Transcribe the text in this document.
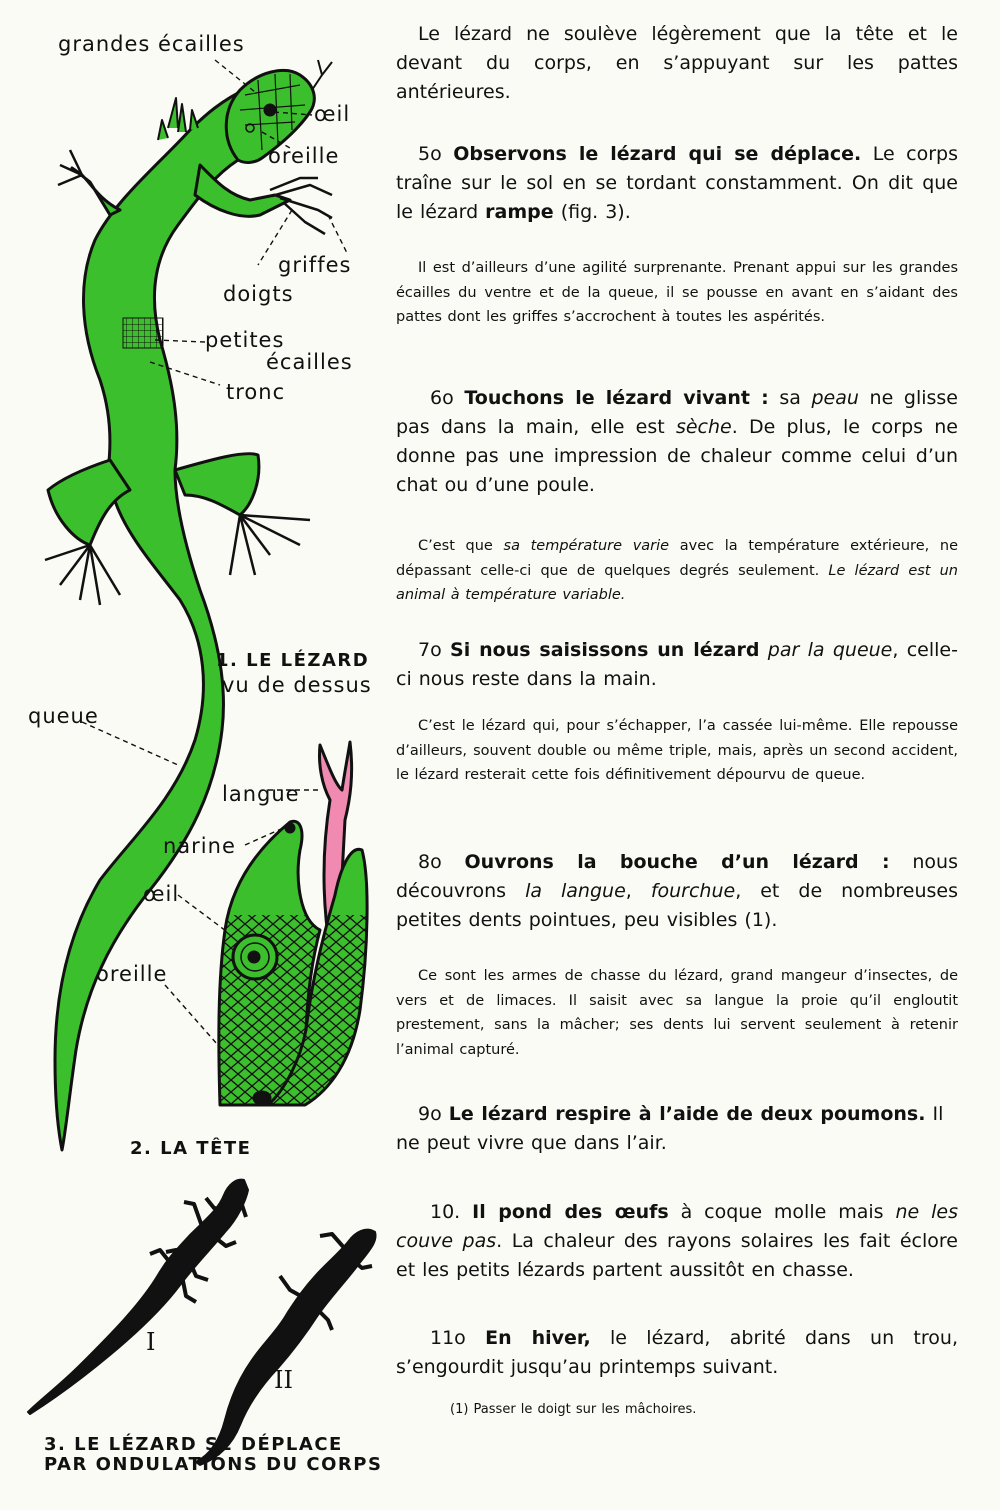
grandes écailles
œil
oreille
griffes
doigts
petites
écailles
tronc
queue
langue
narine
œil
oreille
I
II
1. LE LÉZARD
vu de dessus
2. LA TÊTE
3. LE LÉZARD SE DÉPLACE
PAR ONDULATIONS DU CORPS

Le lézard ne soulève légèrement que la tête et le devant du corps, en s’appuyant sur les pattes antérieures.

5o Observons le lézard qui se déplace. Le corps traîne sur le sol en se tordant constamment. On dit que le lézard rampe (fig. 3).

Il est d’ailleurs d’une agilité surprenante. Prenant appui sur les grandes écailles du ventre et de la queue, il se pousse en avant en s’aidant des pattes dont les griffes s’accrochent à toutes les aspérités.

6o Touchons le lézard vivant : sa peau ne glisse pas dans la main, elle est sèche. De plus, le corps ne donne pas une impression de chaleur comme celui d’un chat ou d’une poule.

C’est que sa température varie avec la température extérieure, ne dépassant celle-ci que de quelques degrés seulement. Le lézard est un animal à température variable.

7o Si nous saisissons un lézard par la queue, celle-ci nous reste dans la main.

C’est le lézard qui, pour s’échapper, l’a cassée lui-même. Elle repousse d’ailleurs, souvent double ou même triple, mais, après un second accident, le lézard resterait cette fois définitivement dépourvu de queue.

8o Ouvrons la bouche d’un lézard : nous découvrons la langue, fourchue, et de nombreuses petites dents pointues, peu visibles (1).

Ce sont les armes de chasse du lézard, grand mangeur d’insectes, de vers et de limaces. Il saisit avec sa langue la proie qu’il engloutit prestement, sans la mâcher; ses dents lui servent seulement à retenir l’animal capturé.

9o Le lézard respire à l’aide de deux poumons. Il ne peut vivre que dans l’air.

10. Il pond des œufs à coque molle mais ne les couve pas. La chaleur des rayons solaires les fait éclore et les petits lézards partent aussitôt en chasse.

11o En hiver, le lézard, abrité dans un trou, s’engourdit jusqu’au printemps suivant.

(1) Passer le doigt sur les mâchoires.
